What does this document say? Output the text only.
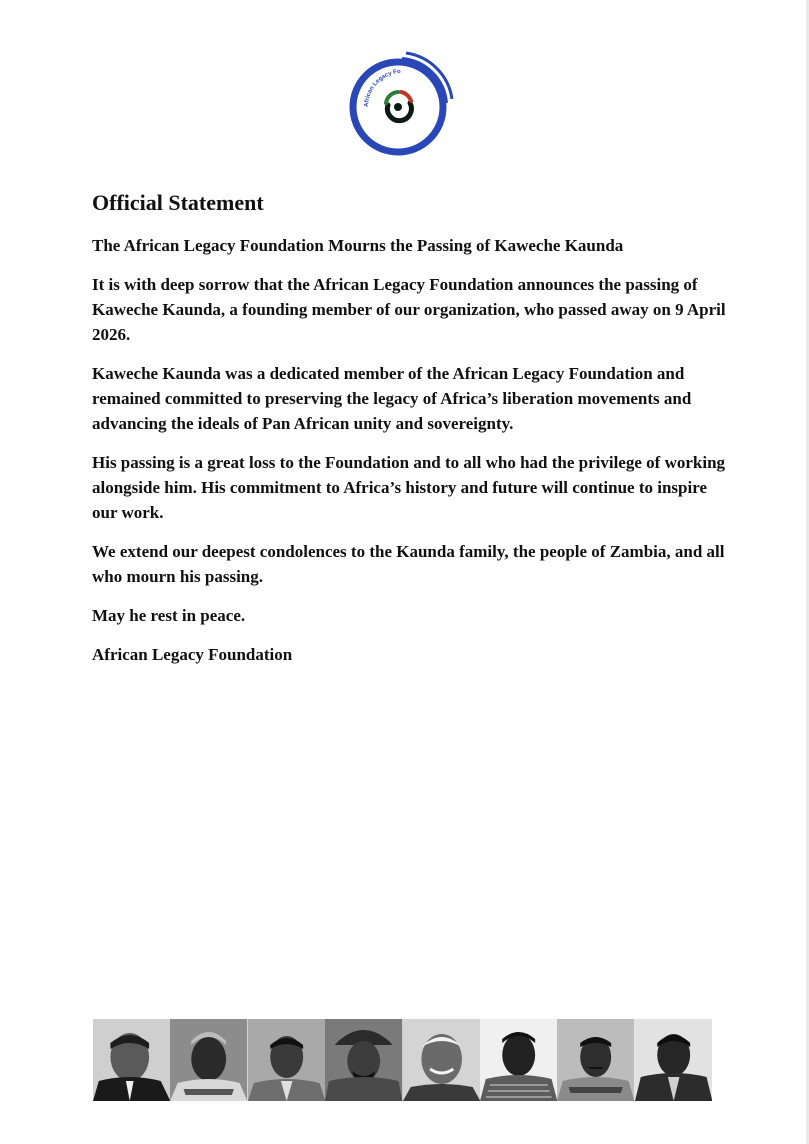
African Legacy Fo
Official Statement

The African Legacy Foundation Mourns the Passing of Kaweche Kaunda

It is with deep sorrow that the African Legacy Foundation announces the passing of Kaweche Kaunda, a founding member of our organization, who passed away on 9 April 2026.

Kaweche Kaunda was a dedicated member of the African Legacy Foundation and remained committed to preserving the legacy of Africa’s liberation movements and advancing the ideals of Pan African unity and sovereignty.

His passing is a great loss to the Foundation and to all who had the privilege of working alongside him. His commitment to Africa’s history and future will continue to inspire our work.

We extend our deepest condolences to the Kaunda family, the people of Zambia, and all who mourn his passing.

May he rest in peace.

African Legacy Foundation
